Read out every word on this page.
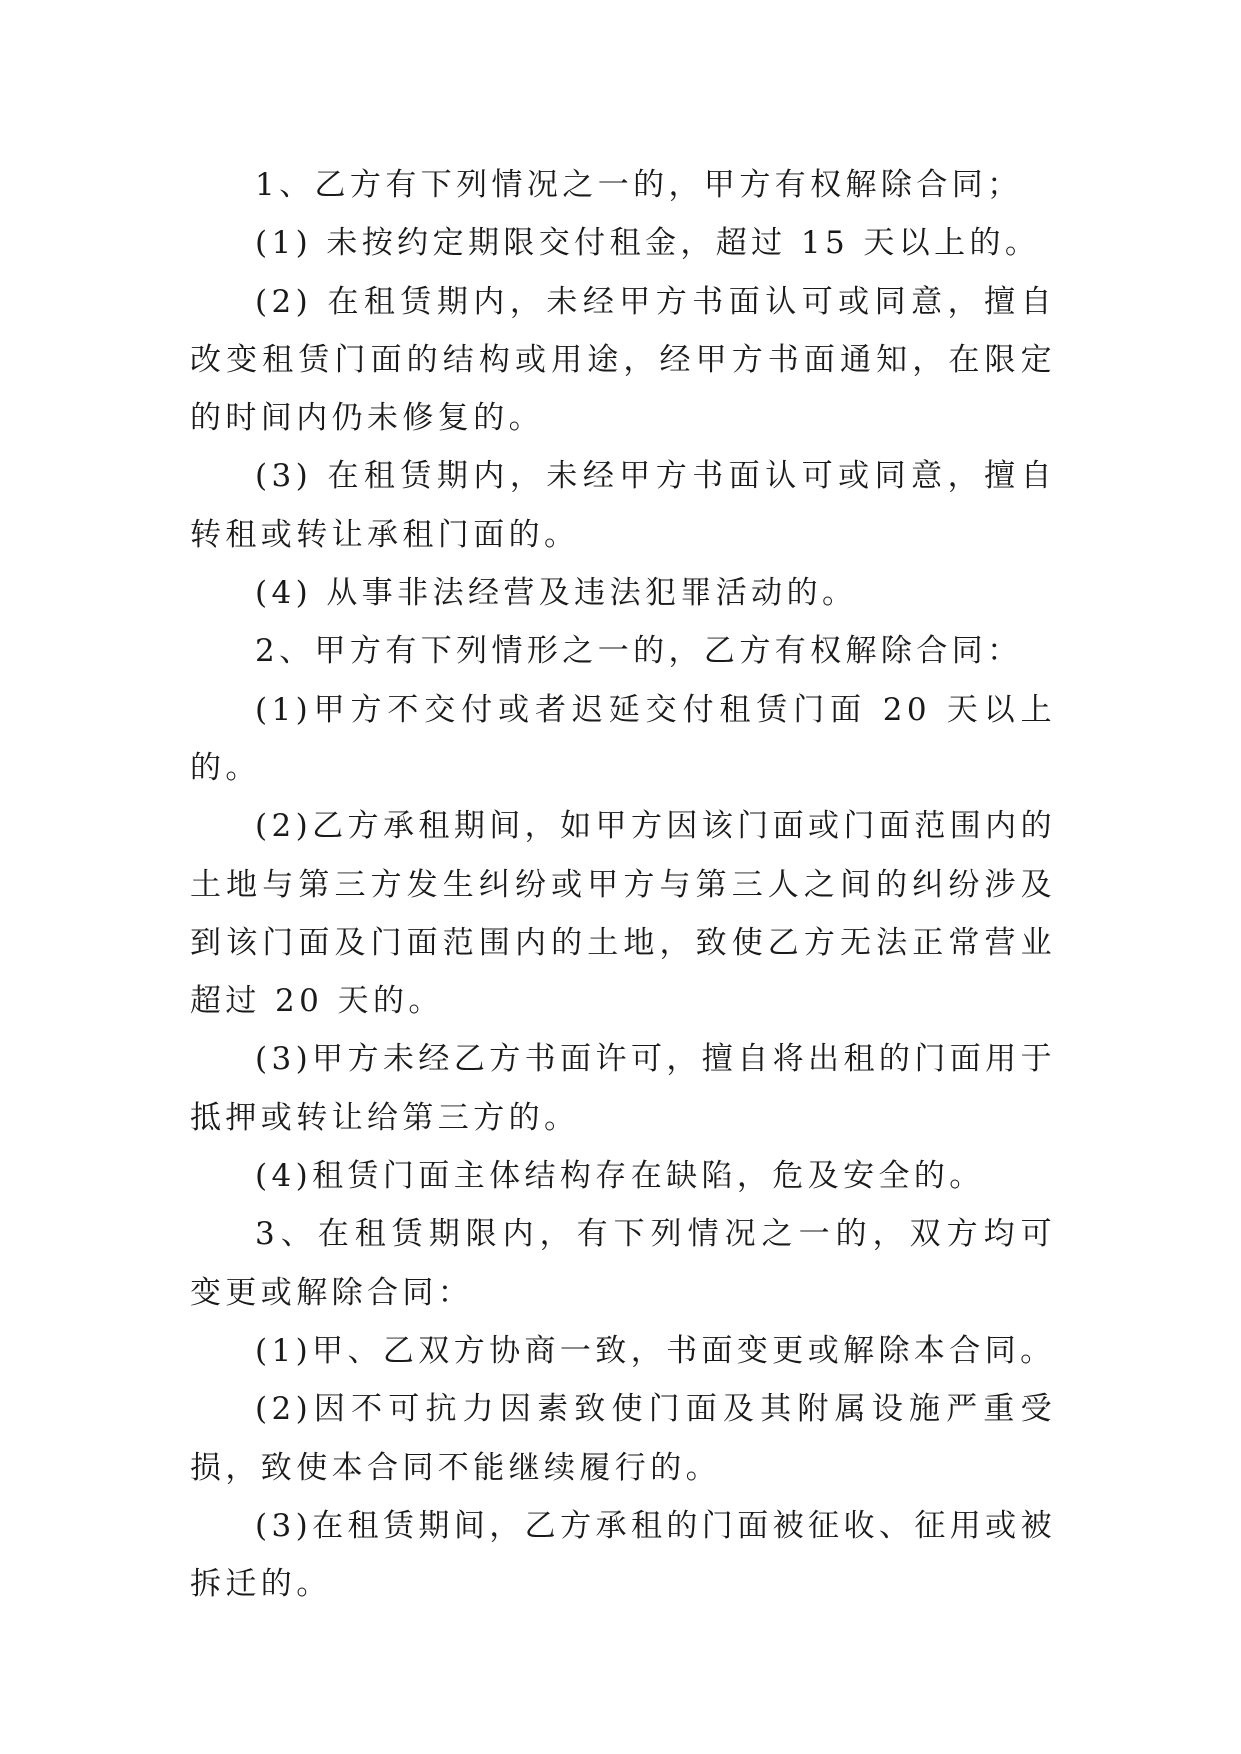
1、乙方有下列情况之一的，甲方有权解除合同；

(1) 未按约定期限交付租金，超过 15 天以上的。

(2) 在租赁期内，未经甲方书面认可或同意，擅自改变租赁门面的结构或用途，经甲方书面通知，在限定的时间内仍未修复的。

(3) 在租赁期内，未经甲方书面认可或同意，擅自转租或转让承租门面的。

(4) 从事非法经营及违法犯罪活动的。

2、甲方有下列情形之一的，乙方有权解除合同：

(1)甲方不交付或者迟延交付租赁门面 20 天以上的。

(2)乙方承租期间，如甲方因该门面或门面范围内的土地与第三方发生纠纷或甲方与第三人之间的纠纷涉及到该门面及门面范围内的土地，致使乙方无法正常营业超过 20 天的。

(3)甲方未经乙方书面许可，擅自将出租的门面用于抵押或转让给第三方的。

(4)租赁门面主体结构存在缺陷，危及安全的。

3、在租赁期限内，有下列情况之一的，双方均可变更或解除合同：

(1)甲、乙双方协商一致，书面变更或解除本合同。

(2)因不可抗力因素致使门面及其附属设施严重受损，致使本合同不能继续履行的。

(3)在租赁期间，乙方承租的门面被征收、征用或被拆迁的。
